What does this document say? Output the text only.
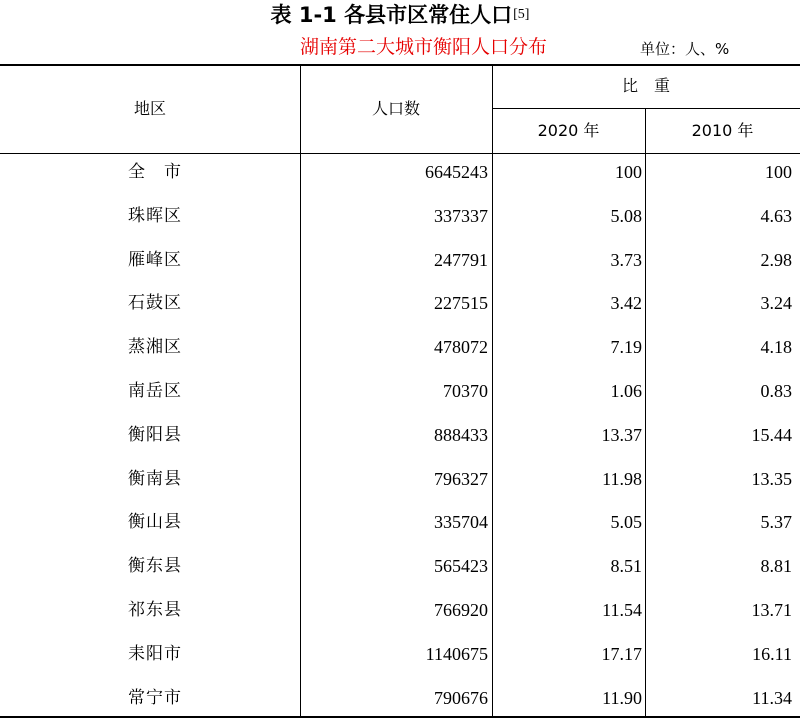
表 1-1 各县市区常住人口[5]
湖南第二大城市衡阳人口分布	单位：人、%
地区	人口数
比　重
2020 年	2010 年
全　市	6645243	100	100
珠晖区	337337	5.08	4.63
雁峰区	247791	3.73	2.98
石鼓区	227515	3.42	3.24
蒸湘区	478072	7.19	4.18
南岳区	70370	1.06	0.83
衡阳县	888433	13.37	15.44
衡南县	796327	11.98	13.35
衡山县	335704	5.05	5.37
衡东县	565423	8.51	8.81
祁东县	766920	11.54	13.71
耒阳市	1140675	17.17	16.11
常宁市	790676	11.90	11.34
